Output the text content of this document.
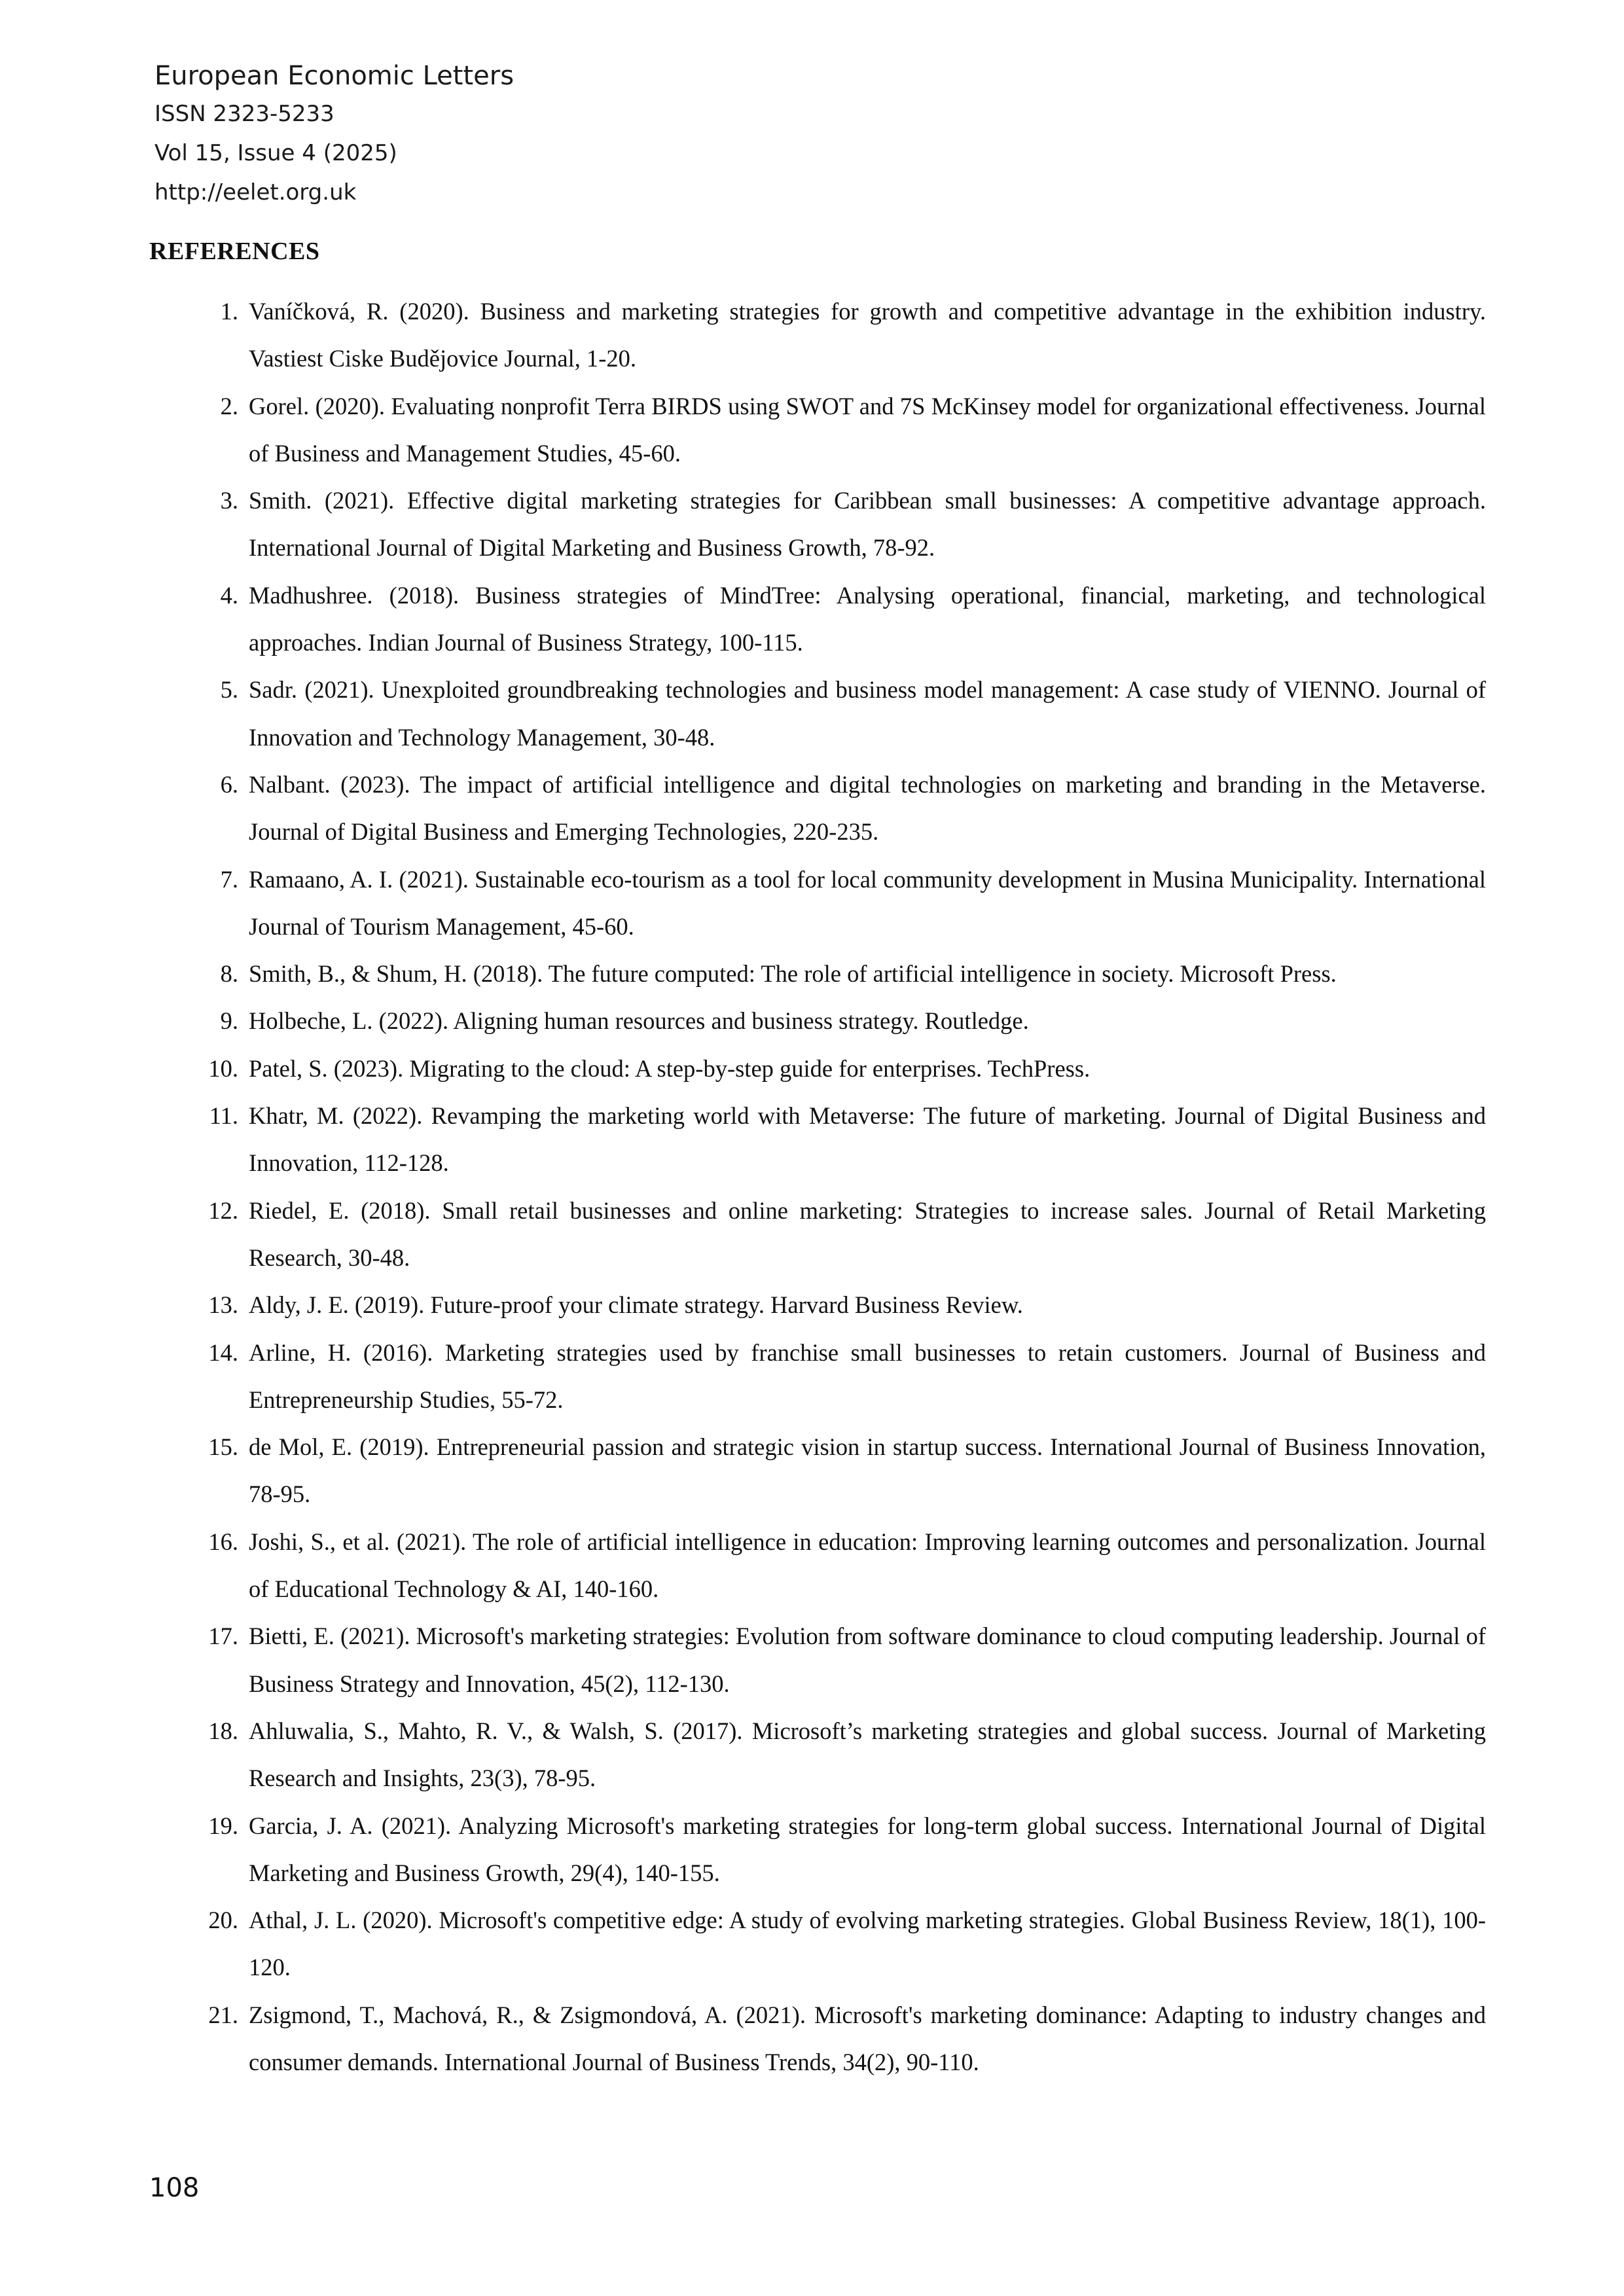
European Economic Letters
ISSN 2323-5233
Vol 15, Issue 4 (2025)
http://eelet.org.uk
REFERENCES
1. Vaníčková, R. (2020). Business and marketing strategies for growth and competitive advantage in the exhibition industry. Vastiest Ciske Budějovice Journal, 1-20.
2. Gorel. (2020). Evaluating nonprofit Terra BIRDS using SWOT and 7S McKinsey model for organizational effectiveness. Journal of Business and Management Studies, 45-60.
3. Smith. (2021). Effective digital marketing strategies for Caribbean small businesses: A competitive advantage approach. International Journal of Digital Marketing and Business Growth, 78-92.
4. Madhushree. (2018). Business strategies of MindTree: Analysing operational, financial, marketing, and technological approaches. Indian Journal of Business Strategy, 100-115.
5. Sadr. (2021). Unexploited groundbreaking technologies and business model management: A case study of VIENNO. Journal of Innovation and Technology Management, 30-48.
6. Nalbant. (2023). The impact of artificial intelligence and digital technologies on marketing and branding in the Metaverse. Journal of Digital Business and Emerging Technologies, 220-235.
7. Ramaano, A. I. (2021). Sustainable eco-tourism as a tool for local community development in Musina Municipality. International Journal of Tourism Management, 45-60.
8. Smith, B., & Shum, H. (2018). The future computed: The role of artificial intelligence in society. Microsoft Press.
9. Holbeche, L. (2022). Aligning human resources and business strategy. Routledge.
10. Patel, S. (2023). Migrating to the cloud: A step-by-step guide for enterprises. TechPress.
11. Khatr, M. (2022). Revamping the marketing world with Metaverse: The future of marketing. Journal of Digital Business and Innovation, 112-128.
12. Riedel, E. (2018). Small retail businesses and online marketing: Strategies to increase sales. Journal of Retail Marketing Research, 30-48.
13. Aldy, J. E. (2019). Future-proof your climate strategy. Harvard Business Review.
14. Arline, H. (2016). Marketing strategies used by franchise small businesses to retain customers. Journal of Business and Entrepreneurship Studies, 55-72.
15. de Mol, E. (2019). Entrepreneurial passion and strategic vision in startup success. International Journal of Business Innovation, 78-95.
16. Joshi, S., et al. (2021). The role of artificial intelligence in education: Improving learning outcomes and personalization. Journal of Educational Technology & AI, 140-160.
17. Bietti, E. (2021). Microsoft's marketing strategies: Evolution from software dominance to cloud computing leadership. Journal of Business Strategy and Innovation, 45(2), 112-130.
18. Ahluwalia, S., Mahto, R. V., & Walsh, S. (2017). Microsoft’s marketing strategies and global success. Journal of Marketing Research and Insights, 23(3), 78-95.
19. Garcia, J. A. (2021). Analyzing Microsoft's marketing strategies for long-term global success. International Journal of Digital Marketing and Business Growth, 29(4), 140-155.
20. Athal, J. L. (2020). Microsoft's competitive edge: A study of evolving marketing strategies. Global Business Review, 18(1), 100-120.
21. Zsigmond, T., Machová, R., & Zsigmondová, A. (2021). Microsoft's marketing dominance: Adapting to industry changes and consumer demands. International Journal of Business Trends, 34(2), 90-110.
108
